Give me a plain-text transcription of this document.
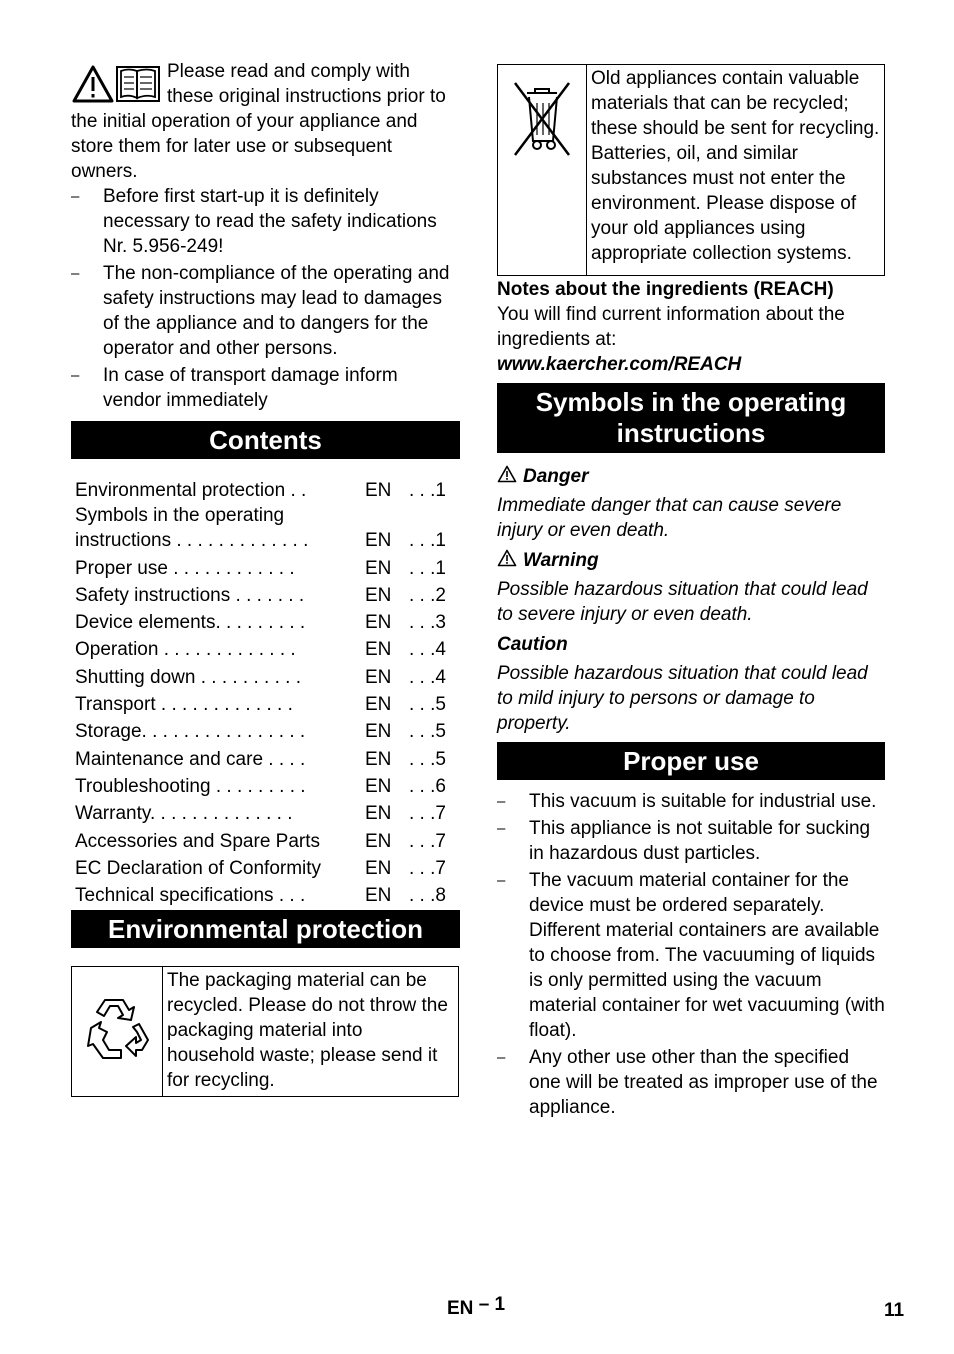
Please read and comply with these original instructions prior to the initial operation of your appliance and store them for later use or subsequent owners.

– Before first start-up it is definitely necessary to read the safety indications Nr. 5.956-249!
– The non-compliance of the operating and safety instructions may lead to damages of the appliance and to dangers for the operator and other persons.
– In case of transport damage inform vendor immediately
Contents
Environmental protection . .	EN	. . .1
Symbols in the operating instructions . . . . . . . . . . . . .	EN	. . .1
Proper use . . . . . . . . . . . .	EN	. . .1
Safety instructions . . . . . . .	EN	. . .2
Device elements. . . . . . . . .	EN	. . .3
Operation . . . . . . . . . . . . .	EN	. . .4
Shutting down . . . . . . . . . .	EN	. . .4
Transport . . . . . . . . . . . . .	EN	. . .5
Storage. . . . . . . . . . . . . . . .	EN	. . .5
Maintenance and care . . . .	EN	. . .5
Troubleshooting . . . . . . . . .	EN	. . .6
Warranty. . . . . . . . . . . . . .	EN	. . .7
Accessories and Spare Parts	EN	. . .7
EC Declaration of Conformity	EN	. . .7
Technical specifications . . .	EN	. . .8
Environmental protection
	The packaging material can be recycled. Please do not throw the packaging material into household waste; please send it for recycling.
	Old appliances contain valuable materials that can be recycled; these should be sent for recycling. Batteries, oil, and similar substances must not enter the environment. Please dispose of your old appliances using appropriate collection systems.
Notes about the ingredients (REACH)
You will find current information about the ingredients at:
www.kaercher.com/REACH
Symbols in the operating instructions
Danger
Immediate danger that can cause severe injury or even death.
Warning
Possible hazardous situation that could lead to severe injury or even death.
Caution
Possible hazardous situation that could lead to mild injury to persons or damage to property.
Proper use
– This vacuum is suitable for industrial use.
– This appliance is not suitable for sucking in hazardous dust particles.
– The vacuum material container for the device must be ordered separately. Different material containers are available to choose from. The vacuuming of liquids is only permitted using the vacuum material container for wet vacuuming (with float).
– Any other use other than the specified one will be treated as improper use of the appliance.
EN – 1	11
